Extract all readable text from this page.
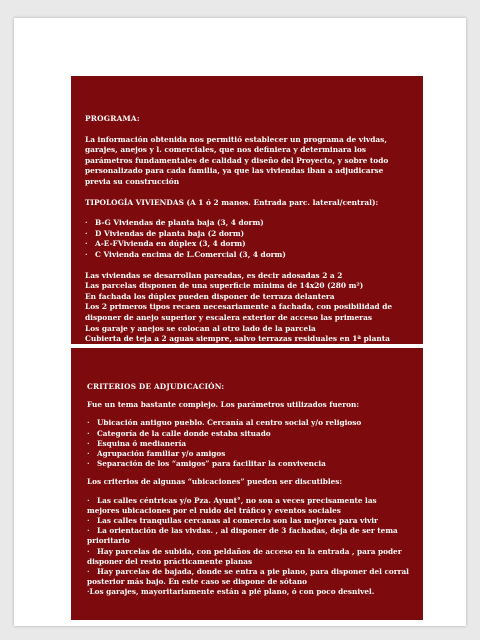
PROGRAMA:

La información obtenida nos permitió establecer un programa de vivdas, garajes, anejos y l. comerciales, que nos definiera y determinara los parámetros fundamentales de calidad y diseño del Proyecto, y sobre todo personalizado para cada familia, ya que las viviendas iban a adjudicarse previa su construcción

TIPOLOGÍA VIVIENDAS (A 1 ó 2 manos. Entrada parc. lateral/central):

· B-G Viviendas de planta baja (3, 4 dorm)
· D Viviendas de planta baja (2 dorm)
· A-E-FVivienda en dúplex (3, 4 dorm)
· C Vivienda encima de L.Comercial (3, 4 dorm)

Las viviendas se desarrollan pareadas, es decir adosadas 2 a 2

Las parcelas disponen de una superficie mínima de 14x20 (280 m²)

En fachada los dúplex pueden disponer de terraza delantera

Los 2 primeros tipos recaen necesariamente a fachada, con posibilidad de disponer de anejo superior y escalera exterior de acceso las primeras

Los garaje y anejos se colocan al otro lado de la parcela

Cubierta de teja a 2 aguas siempre, salvo terrazas residuales en 1ª planta

CRITERIOS DE ADJUDICACIÓN:

Fue un tema bastante complejo. Los parámetros utilizados fueron:

· Ubicación antiguo pueblo. Cercanía al centro social y/o religioso
· Categoría de la calle donde estaba situado
· Esquina ó medianería
· Agrupación familiar y/o amigos
· Separación de los “amigos” para facilitar la convivencia

Los criterios de algunas “ubicaciones” pueden ser discutibles:

· Las calles céntricas y/o Pza. Ayunt°, no son a veces precisamente las mejores ubicaciones por el ruido del tráfico y eventos sociales
· Las calles tranquilas cercanas al comercio son las mejores para vivir
· La orientación de las vivdas. , al disponer de 3 fachadas, deja de ser tema prioritario
· Hay parcelas de subida, con peldaños de acceso en la entrada , para poder disponer del resto prácticamente planas
· Hay parcelas de bajada, donde se entra a pie plano, para disponer del corral posterior más bajo. En este caso se dispone de sótano

·Los garajes, mayoritariamente están a pié plano, ó con poco desnivel.
